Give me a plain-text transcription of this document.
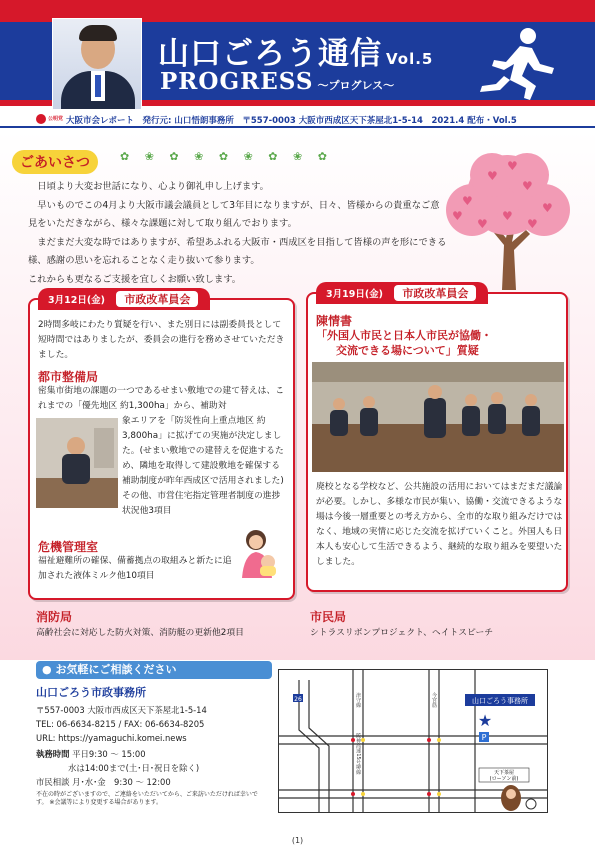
山口ごろう通信 Vol.5
PROGRESS ～プログレス～
公明党 大阪市会レポート　発行元: 山口悟朗事務所　〒557-0003 大阪市西成区天下茶屋北1-5-14　2021.4 配布・Vol.5
ごあいさつ	✿ ❀ ✿ ❀ ✿ ❀ ✿ ❀ ✿

日頃より大変お世話になり、心より御礼申し上げます。

早いものでこの4月より大阪市議会議員として3年目になりますが、日々、皆様からの貴重なご意見をいただきながら、様々な課題に対して取り組んでおります。

まだまだ大変な時ではありますが、希望あふれる大阪市・西成区を目指して皆様の声を形にできる様、感謝の思いを忘れることなく走り抜いて参ります。

これからも更なるご支援を宜しくお願い致します。

♥
♥
♥
♥
♥
♥	♥
♥
♥
3月12日(金) 市政改革員会
2時間多岐にわたり質疑を行い、また別日には副委員長として短時間ではありましたが、委員会の進行を務めさせていただきました。
都市整備局
密集市街地の課題の一つであるせまい敷地での建て替えは、これまでの「優先地区 約1,300ha」から、補助対
象エリアを「防災性向上重点地区 約3,800ha」に拡げての実施が決定しました。(せまい敷地での建替えを促進するため、隣地を取得して建設敷地を確保する補助制度が昨年西成区で活用されました)その他、市営住宅指定管理者制度の進捗状況他3項目
危機管理室
福祉避難所の確保、備蓄拠点の取組みと新たに追加された液体ミルク他10項目
3月19日(金) 市政改革員会
陳情書
「外国人市民と日本人市民が協働・
交流できる場について」質疑
廃校となる学校など、公共施設の活用においてはまだまだ議論が必要。しかし、多様な市民が集い、協働・交流できるような場は今後一層重要との考え方から、全市的な取り組みだけではなく、地域の実情に応じた交流を拡げていくこと。外国人も日本人も安心して生活できるよう、継続的な取り組みを要望いたしました。
消防局
高齢社会に対応した防火対策、消防艇の更新他2項目
市民局
シトラスリボンプロジェクト、ヘイトスピーチ
● お気軽にご相談ください
山口ごろう市政事務所
〒557-0003 大阪市西成区天下茶屋北1-5-14
TEL: 06-6634-8215 / FAX: 06-6634-8205
URL: https://yamaguchi.komei.news
執務時間 平日9:30 ～ 15:00
水は14:00まで(土･日･祝日を除く)
市民相談 月･水･金　9:30 ～ 12:00
不在の時がございますので、ご連絡をいただいてから、ご来訪いただければ幸いです。 ※会議等により変更する場合があります。
山口ごろう事務所
★
P
26	津守線	今宮筋
阪神高速15号堺線	天下茶屋
(ローソン前)
(1)
